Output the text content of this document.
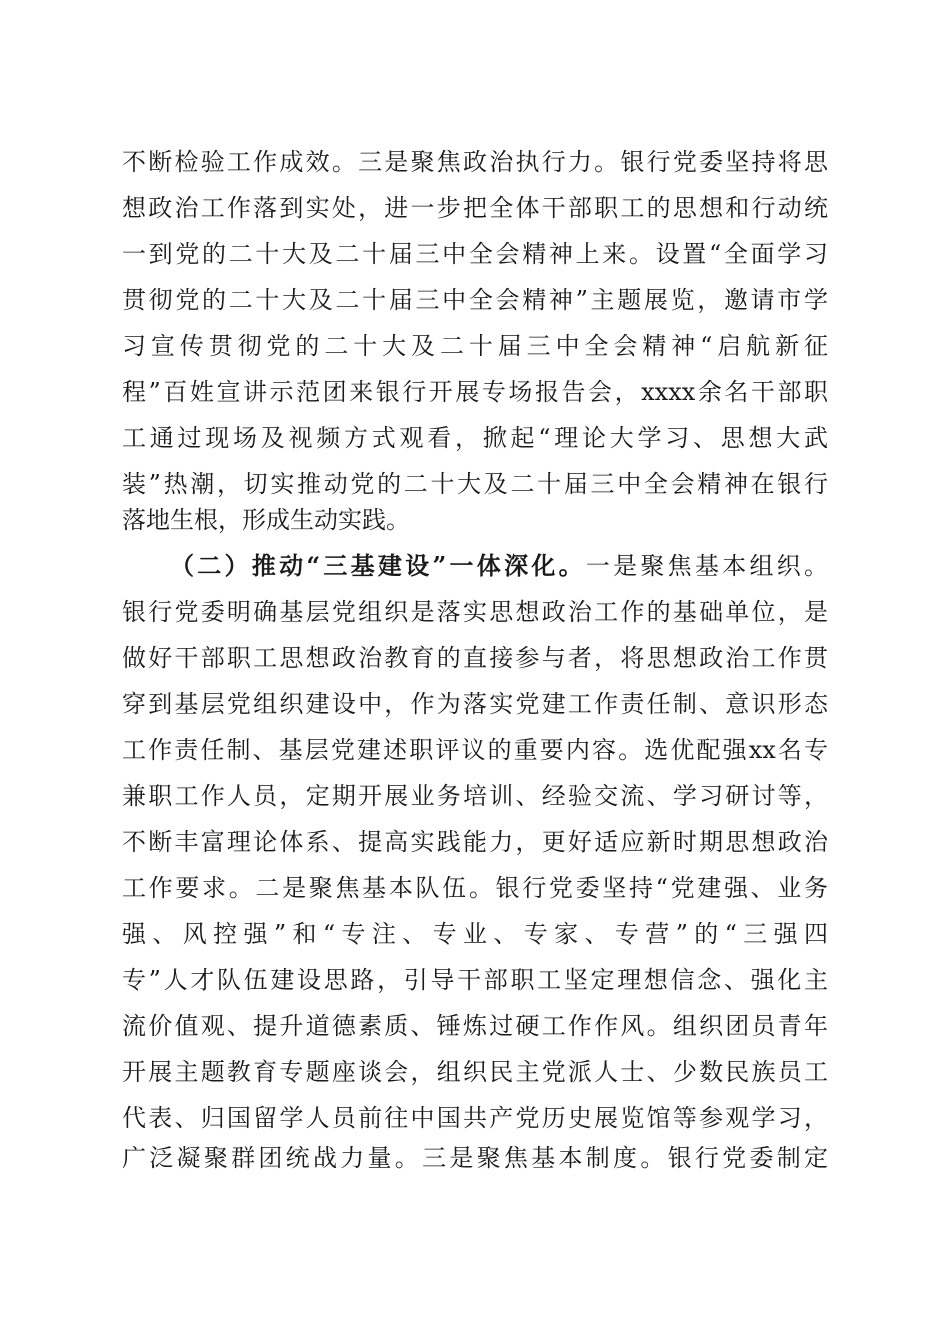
不断检验工作成效。三是聚焦政治执行力。银行党委坚持将思
想政治工作落到实处，进一步把全体干部职工的思想和行动统
一到党的二十大及二十届三中全会精神上来。设置“全面学习
贯彻党的二十大及二十届三中全会精神”主题展览，邀请市学
习宣传贯彻党的二十大及二十届三中全会精神“启航新征
程”百姓宣讲示范团来银行开展专场报告会，xxxx余名干部职
工通过现场及视频方式观看，掀起“理论大学习、思想大武
装”热潮，切实推动党的二十大及二十届三中全会精神在银行
落地生根，形成生动实践。
（二）推动“三基建设”一体深化。一是聚焦基本组织。
银行党委明确基层党组织是落实思想政治工作的基础单位，是
做好干部职工思想政治教育的直接参与者，将思想政治工作贯
穿到基层党组织建设中，作为落实党建工作责任制、意识形态
工作责任制、基层党建述职评议的重要内容。选优配强xx名专
兼职工作人员，定期开展业务培训、经验交流、学习研讨等，
不断丰富理论体系、提高实践能力，更好适应新时期思想政治
工作要求。二是聚焦基本队伍。银行党委坚持“党建强、业务
强、风控强”和“专注、专业、专家、专营”的“三强四
专”人才队伍建设思路，引导干部职工坚定理想信念、强化主
流价值观、提升道德素质、锤炼过硬工作作风。组织团员青年
开展主题教育专题座谈会，组织民主党派人士、少数民族员工
代表、归国留学人员前往中国共产党历史展览馆等参观学习，
广泛凝聚群团统战力量。三是聚焦基本制度。银行党委制定
